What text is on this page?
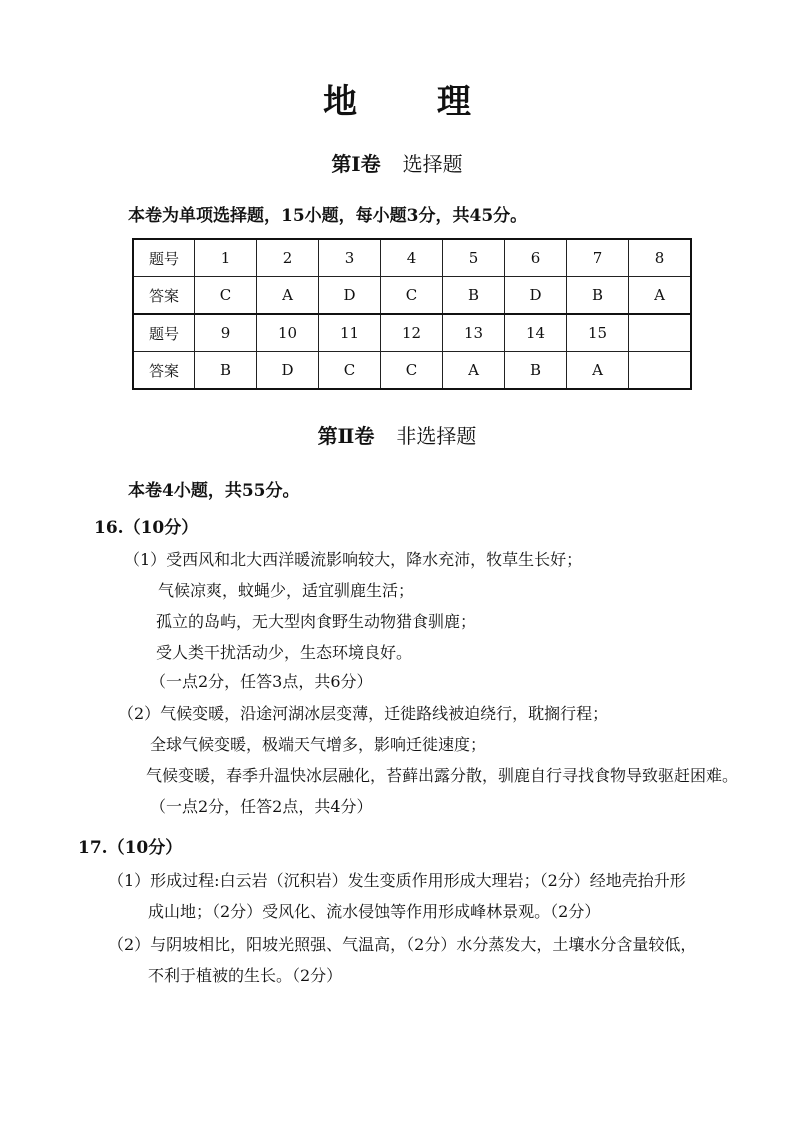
地 理
第Ⅰ卷 选择题
本卷为单项选择题，15小题，每小题3分，共45分。
题号	1	2	3	4	5	6	7	8
答案	C	A	D	C	B	D	B	A
题号	9	10	11	12	13	14	15	
答案	B	D	C	C	A	B	A	
第Ⅱ卷 非选择题
本卷4小题，共55分。
16.（10分）
（1）受西风和北大西洋暖流影响较大，降水充沛，牧草生长好；
气候凉爽，蚊蝇少，适宜驯鹿生活；
孤立的岛屿，无大型肉食野生动物猎食驯鹿；
受人类干扰活动少，生态环境良好。
（一点2分，任答3点，共6分）
（2）气候变暖，沿途河湖冰层变薄，迁徙路线被迫绕行，耽搁行程；
全球气候变暖，极端天气增多，影响迁徙速度；
气候变暖，春季升温快冰层融化，苔藓出露分散，驯鹿自行寻找食物导致驱赶困难。
（一点2分，任答2点，共4分）
17.（10分）
（1）形成过程:白云岩（沉积岩）发生变质作用形成大理岩；（2分）经地壳抬升形
成山地；（2分）受风化、流水侵蚀等作用形成峰林景观。（2分）
（2）与阴坡相比，阳坡光照强、气温高，（2分）水分蒸发大，土壤水分含量较低，
不利于植被的生长。（2分）
